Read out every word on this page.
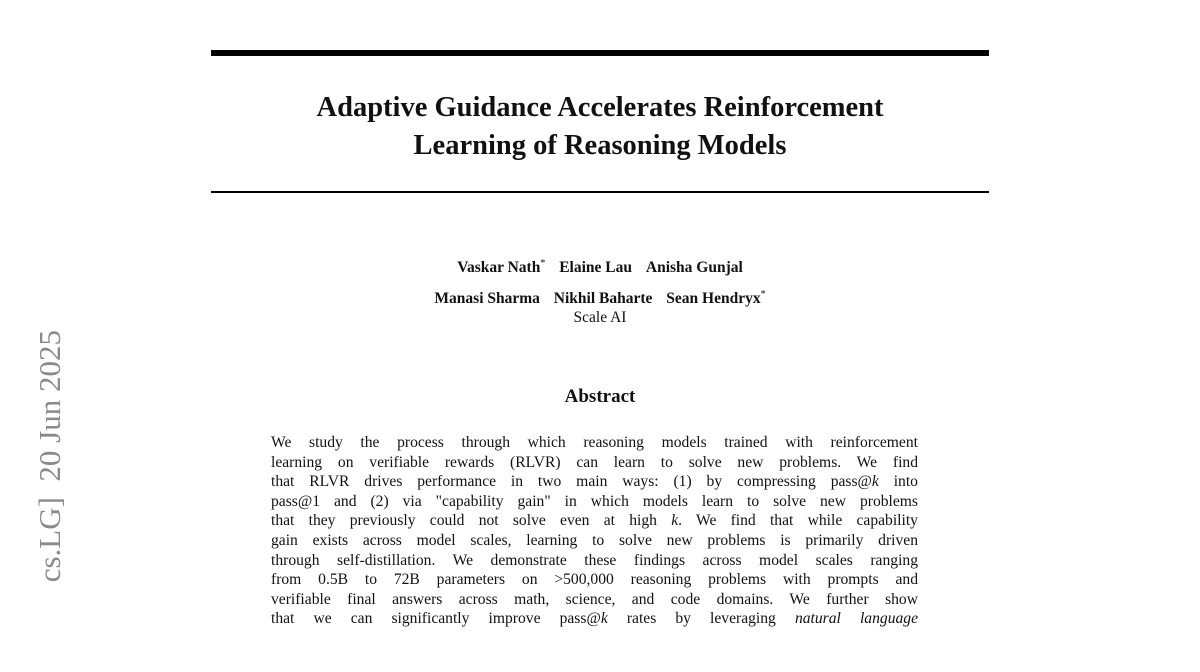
Adaptive Guidance Accelerates Reinforcement
Learning of Reasoning Models
Vaskar Nath* Elaine Lau Anisha Gunjal
Manasi Sharma Nikhil Baharte Sean Hendryx*
Scale AI
Abstract
We study the process through which reasoning models trained with reinforcement
learning on verifiable rewards (RLVR) can learn to solve new problems. We find
that RLVR drives performance in two main ways: (1) by compressing pass@k into
pass@1 and (2) via "capability gain" in which models learn to solve new problems
that they previously could not solve even at high k. We find that while capability
gain exists across model scales, learning to solve new problems is primarily driven
through self-distillation. We demonstrate these findings across model scales ranging
from 0.5B to 72B parameters on >500,000 reasoning problems with prompts and
verifiable final answers across math, science, and code domains. We further show
that we can significantly improve pass@k rates by leveraging natural language
cs.LG]  20 Jun 2025
